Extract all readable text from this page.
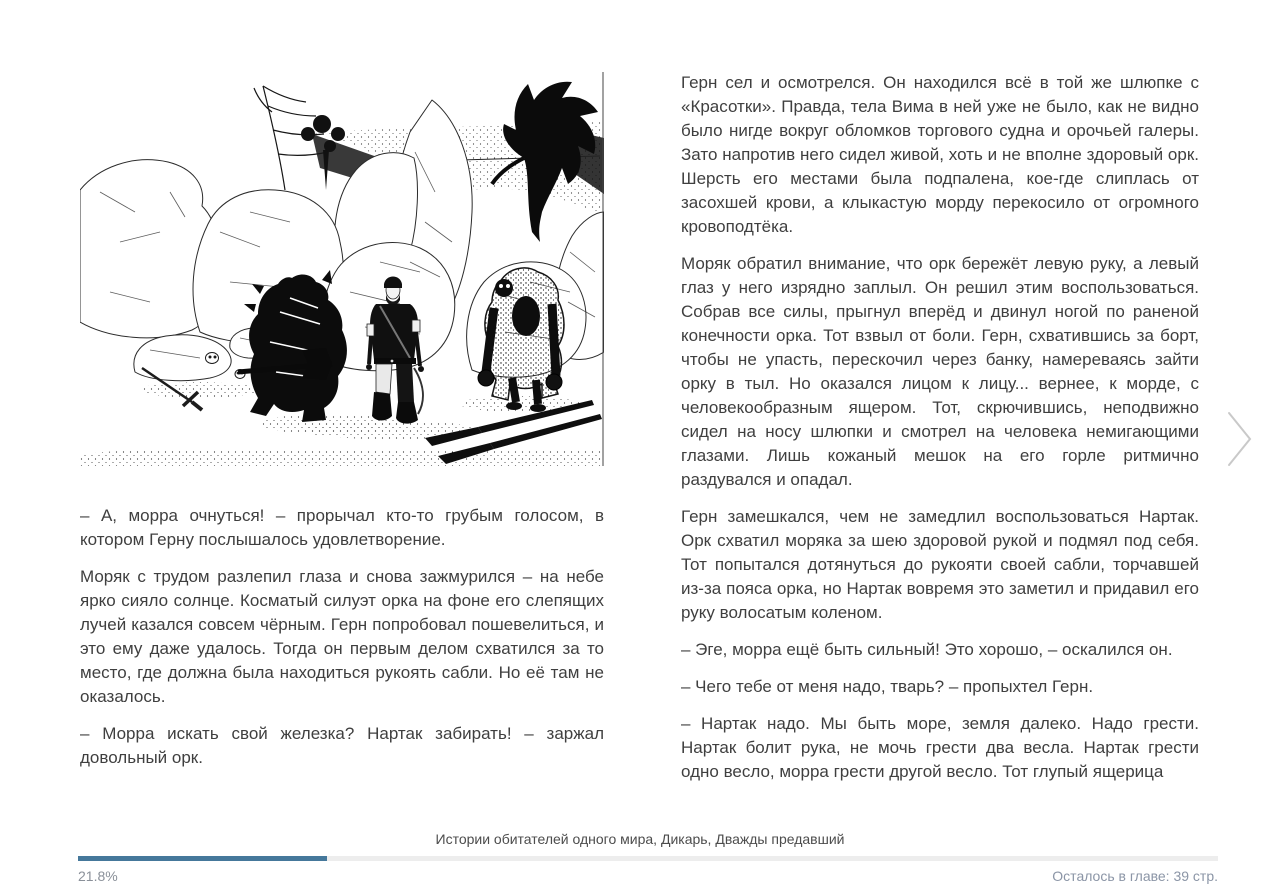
– А, морра очнуться! – прорычал кто-то грубым голосом, в котором Герну послышалось удовлетворение.

Моряк с трудом разлепил глаза и снова зажмурился – на небе ярко сияло солнце. Косматый силуэт орка на фоне его слепящих лучей казался совсем чёрным. Герн попробовал пошевелиться, и это ему даже удалось. Тогда он первым делом схватился за то место, где должна была находиться рукоять сабли. Но её там не оказалось.

– Морра искать свой железка? Нартак забирать! – заржал довольный орк.

Герн сел и осмотрелся. Он находился всё в той же шлюпке с «Красотки». Правда, тела Вима в ней уже не было, как не видно было нигде вокруг обломков торгового судна и орочьей галеры. Зато напротив него сидел живой, хоть и не вполне здоровый орк. Шерсть его местами была подпалена, кое-где слиплась от засохшей крови, а клыкастую морду перекосило от огромного кровоподтёка.

Моряк обратил внимание, что орк бережёт левую руку, а левый глаз у него изрядно заплыл. Он решил этим воспользоваться. Собрав все силы, прыгнул вперёд и двинул ногой по раненой конечности орка. Тот взвыл от боли. Герн, схватившись за борт, чтобы не упасть, перескочил через банку, намереваясь зайти орку в тыл. Но оказался лицом к лицу... вернее, к морде, с человекообразным ящером. Тот, скрючившись, неподвижно сидел на носу шлюпки и смотрел на человека немигающими глазами. Лишь кожаный мешок на его горле ритмично раздувался и опадал.

Герн замешкался, чем не замедлил воспользоваться Нартак. Орк схватил моряка за шею здоровой рукой и подмял под себя. Тот попытался дотянуться до рукояти своей сабли, торчавшей из-за пояса орка, но Нартак вовремя это заметил и придавил его руку волосатым коленом.

– Эге, морра ещё быть сильный! Это хорошо, – оскалился он.

– Чего тебе от меня надо, тварь? – пропыхтел Герн.

– Нартак надо. Мы быть море, земля далеко. Надо грести. Нартак болит рука, не мочь грести два весла. Нартак грести одно весло, морра грести другой весло. Тот глупый ящерица

Истории обитателей одного мира, Дикарь, Дважды предавший
21.8%	Осталось в главе: 39 стр.
